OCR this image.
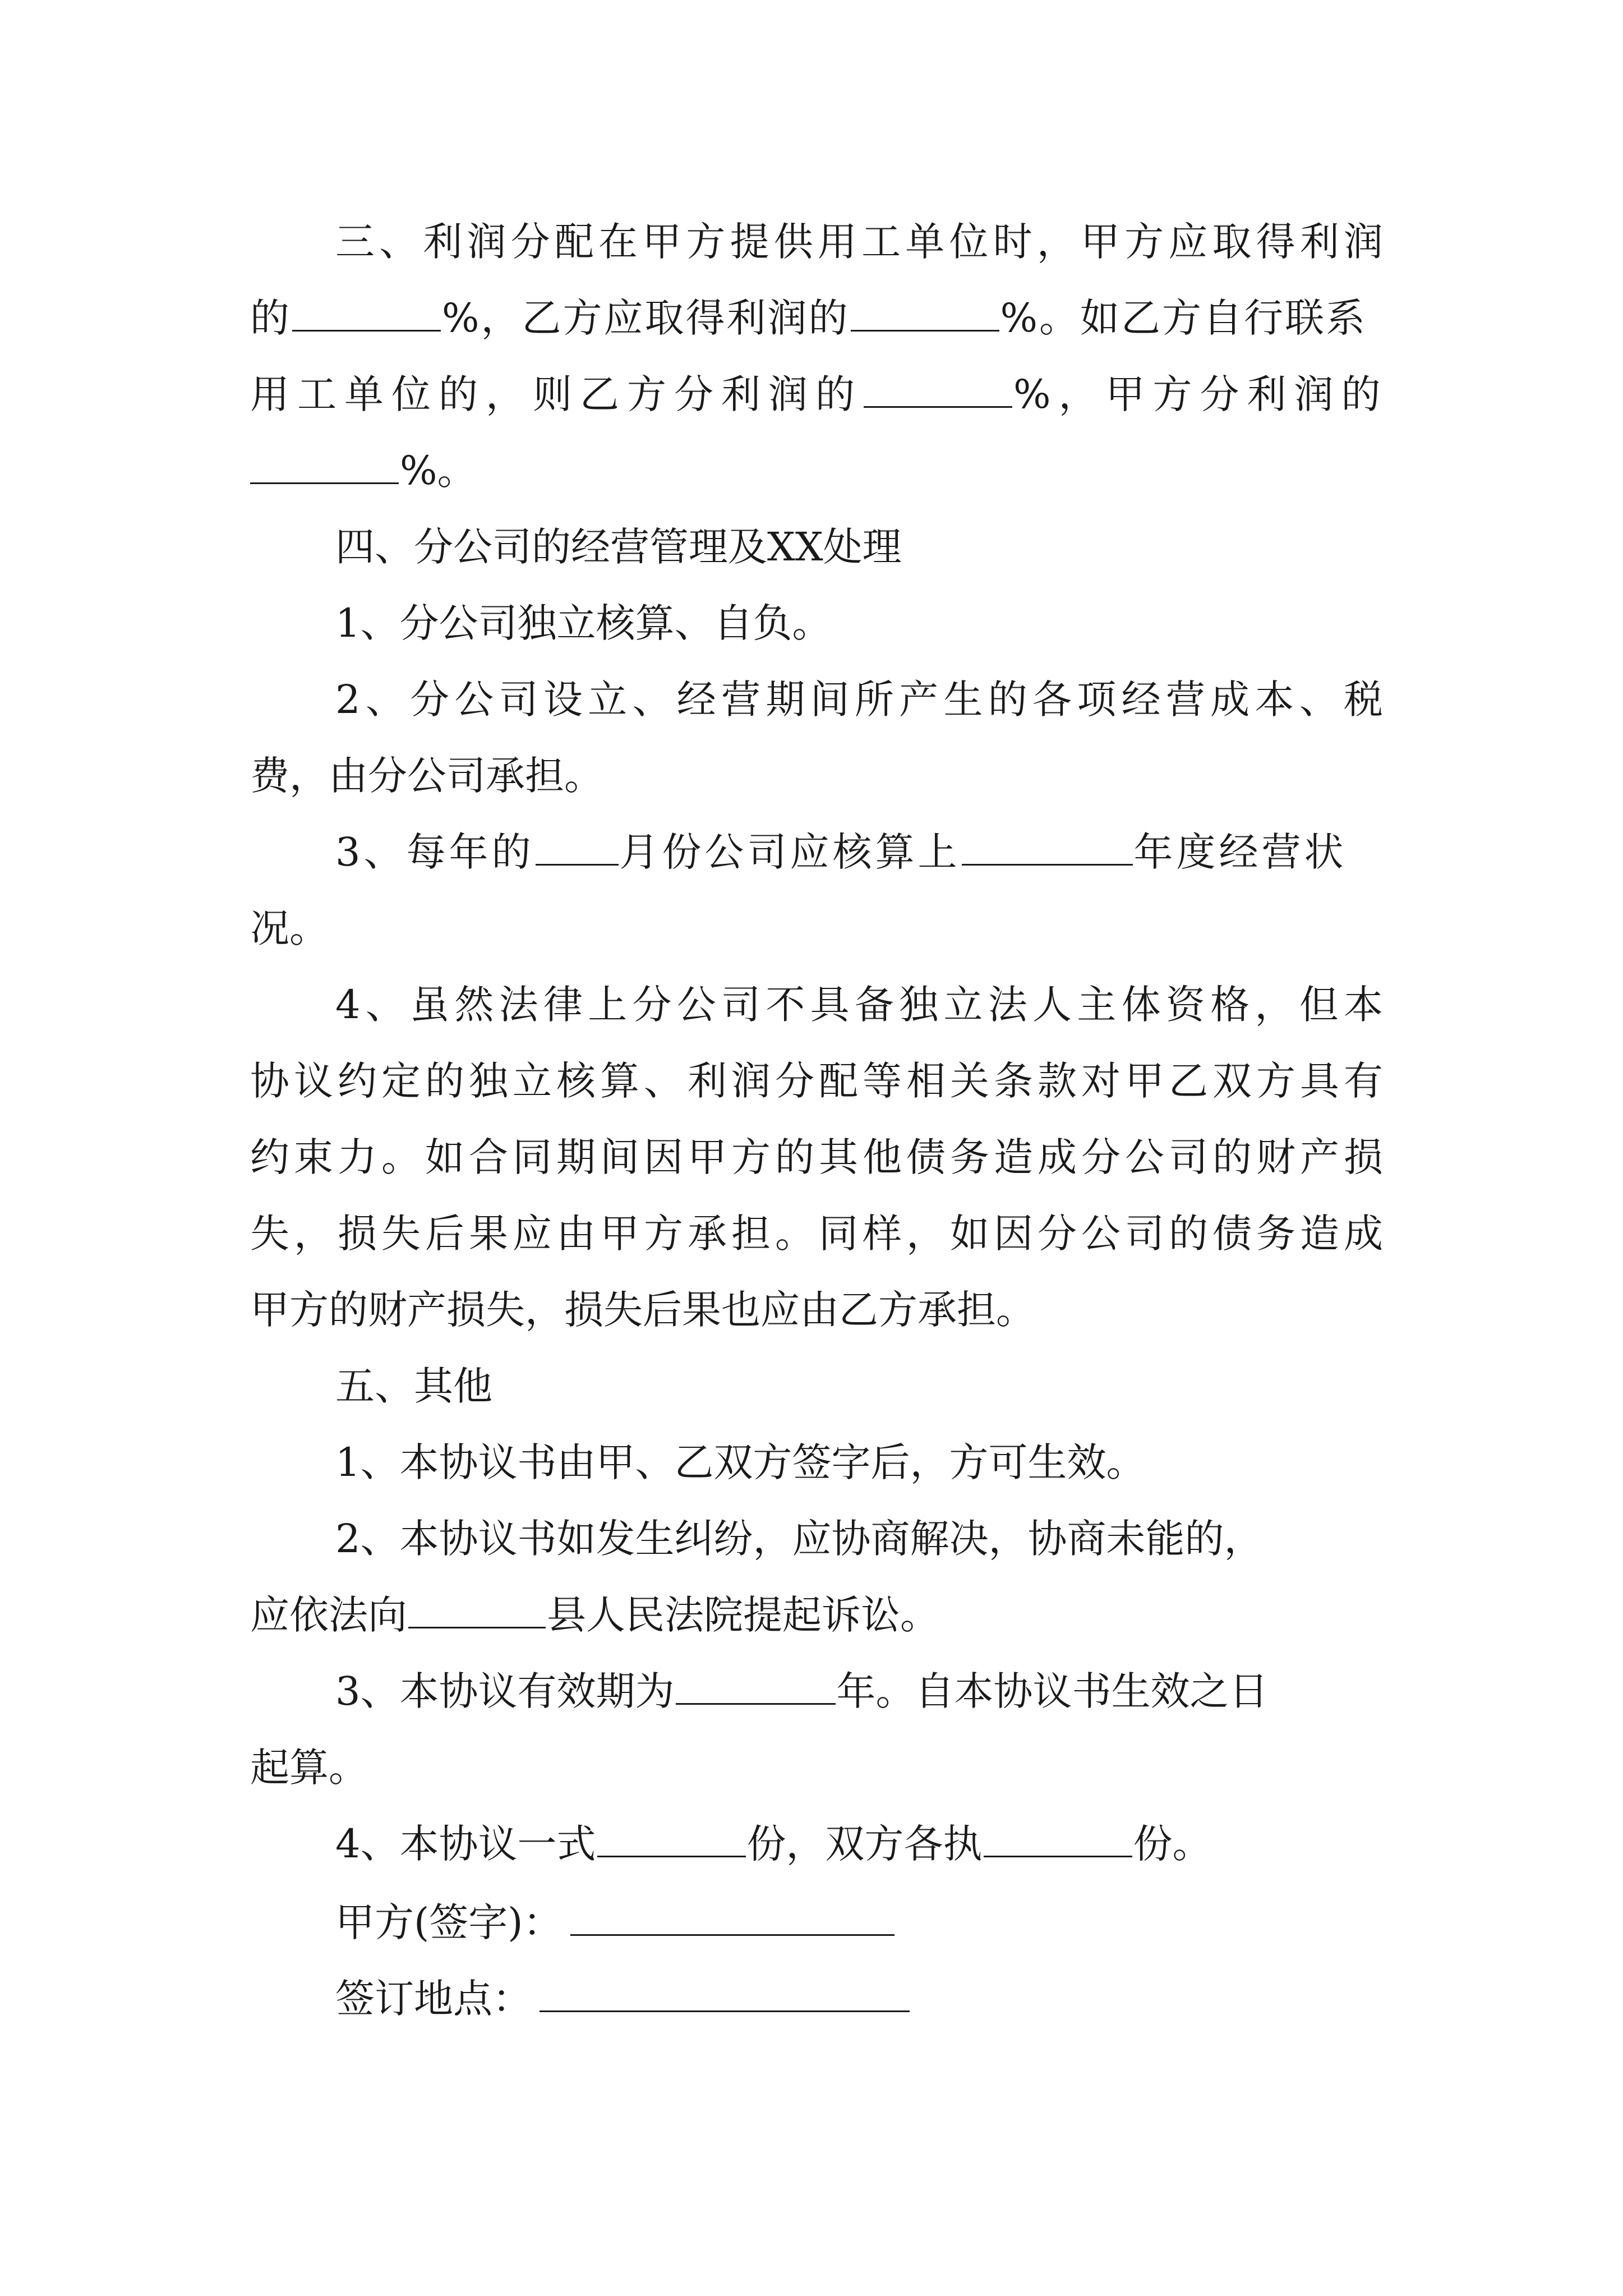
三、利润分配在甲方提供用工单位时，甲方应取得利润
的	%，乙方应取得利润的	%。如乙方自行联系
用工单位的，则乙方分利润的	%，甲方分利润的
%。
四、分公司的经营管理及XX处理
1、分公司独立核算、自负。
2、分公司设立、经营期间所产生的各项经营成本、税
费，由分公司承担。
3、每年的 月份公司应核算上	年度经营状
况。
4、虽然法律上分公司不具备独立法人主体资格，但本
协议约定的独立核算、利润分配等相关条款对甲乙双方具有
约束力。如合同期间因甲方的其他债务造成分公司的财产损
失，损失后果应由甲方承担。同样，如因分公司的债务造成
甲方的财产损失，损失后果也应由乙方承担。
五、其他
1、本协议书由甲、乙双方签字后，方可生效。
2、本协议书如发生纠纷，应协商解决，协商未能的，
应依法向	县人民法院提起诉讼。
3、本协议有效期为	年。自本协议书生效之日
起算。
4、本协议一式	份，双方各执	份。
甲方(签字)：
签订地点：
